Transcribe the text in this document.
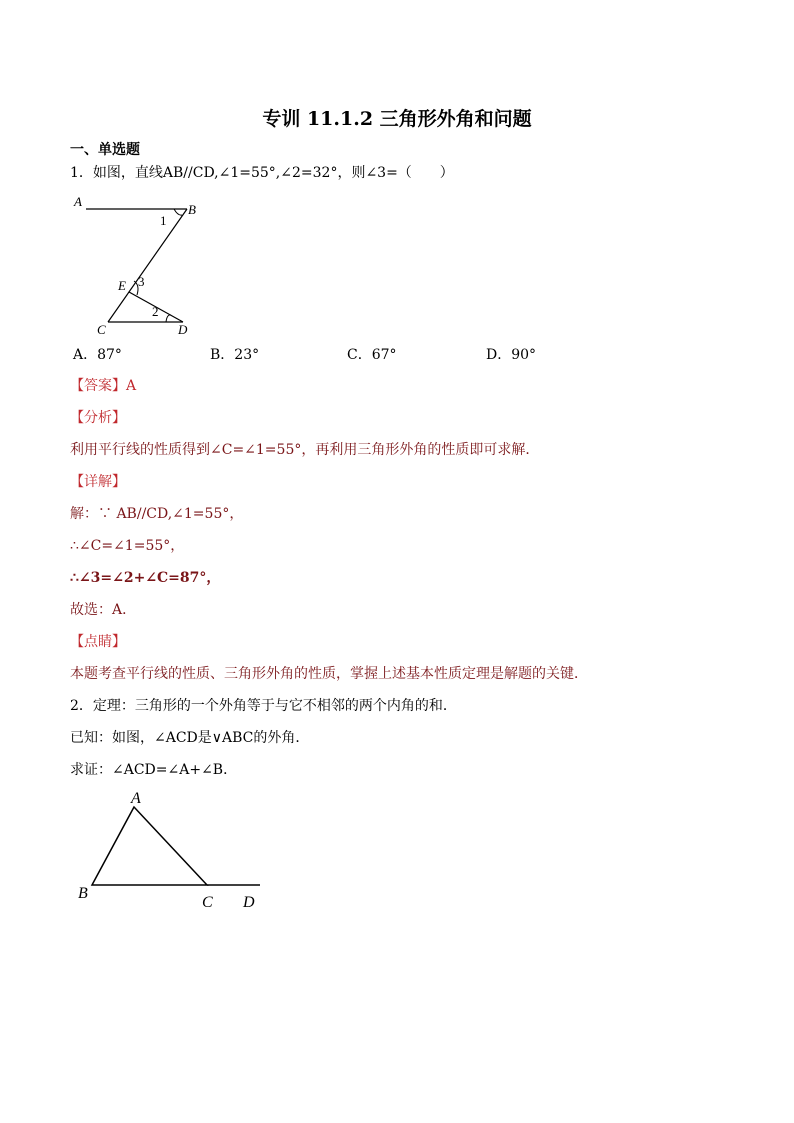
专训 11.1.2 三角形外角和问题
一、单选题
1．如图，直线AB//CD,∠1=55°,∠2=32°，则∠3=（　　）
A
B
1
E 3
2
C	D
A．87°	B．23°	C．67°	D．90°
【答案】A
【分析】
利用平行线的性质得到∠C=∠1=55°，再利用三角形外角的性质即可求解．
【详解】
解：∵ AB//CD,∠1=55°，
∴∠C=∠1=55°，
∴∠3=∠2+∠C=87°，
故选：A．
【点睛】
本题考查平行线的性质、三角形外角的性质，掌握上述基本性质定理是解题的关键．
2．定理：三角形的一个外角等于与它不相邻的两个内角的和．
已知：如图，∠ACD是∨ABC的外角．
求证：∠ACD=∠A+∠B．
A
B
C D
